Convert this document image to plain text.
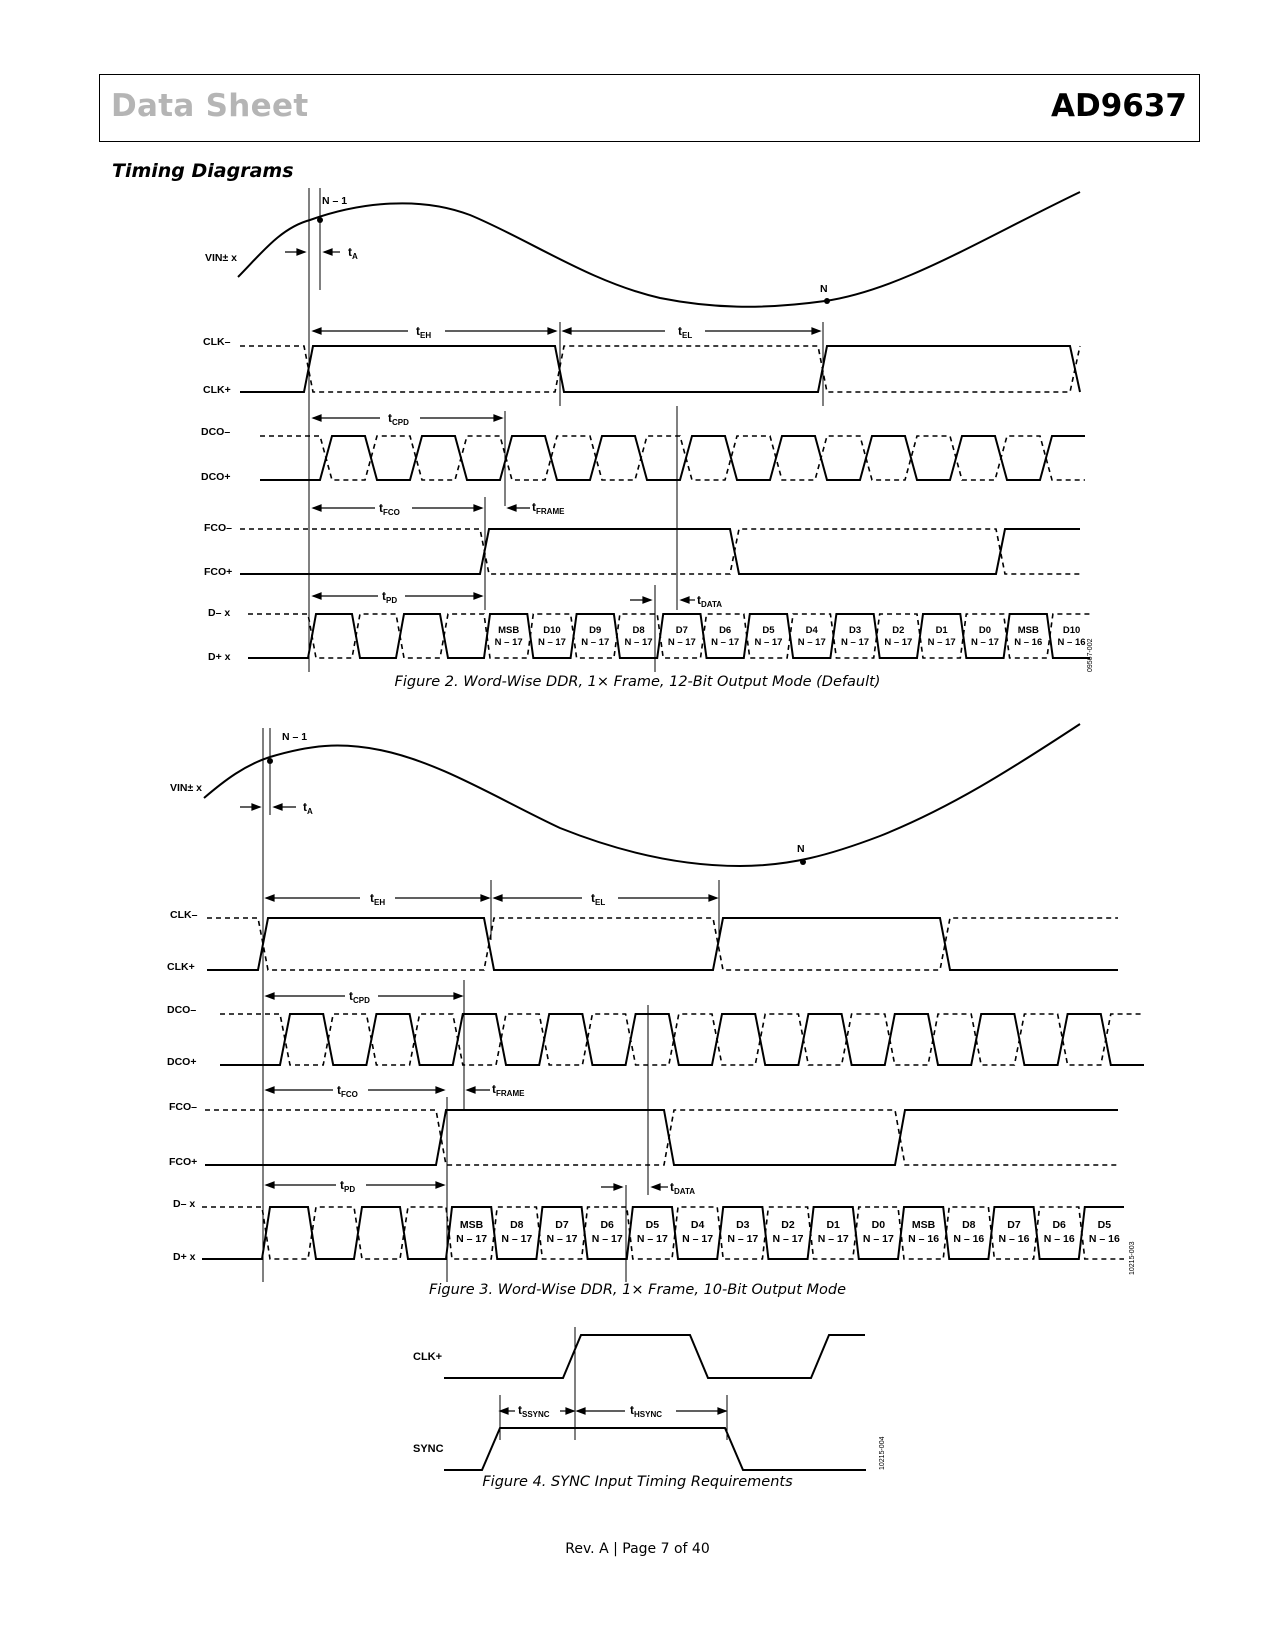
Data Sheet	AD9637
Timing Diagrams
VIN± x
CLK–
CLK+
DCO–
DCO+
FCO–
FCO+
D– x
D+ x
N – 1
N
$t_A$
$t_{EH}$	$t_{EL}$
$t_{CPD}$
$t_{FCO}$	$t_{FRAME}$
$t_{PD}$	$t_{DATA}$
MSB
N – 17
D10
N – 17
D9
N – 17
D8
N – 17
D7
N – 17
D6
N – 17
D5
N – 17
D4
N – 17
D3
N – 17
D2
N – 17
D1
N – 17
D0
N – 17
MSB
N – 16
D10
N – 16 09567-002
VIN± x
CLK–
CLK+
DCO–
DCO+
FCO–
FCO+
D– x
D+ x
N – 1
N
$t_A$
$t_{EH}$	$t_{EL}$
$t_{CPD}$
$t_{FCO}$	$t_{FRAME}$
$t_{PD}$	$t_{DATA}$
MSB
N – 17
D8
N – 17
D7
N – 17
D6
N – 17
D5
N – 17
D4
N – 17
D3
N – 17
D2
N – 17
D1
N – 17
D0
N – 17
MSB
N – 16
D8
N – 16
D7
N – 16
D6
N – 16
D5
N – 16
10215-003
CLK+
SYNC
$t_{SSYNC}$	$t_{HSYNC}$
10215-004
Figure 2. Word-Wise DDR, 1× Frame, 12-Bit Output Mode (Default)
Figure 3. Word-Wise DDR, 1× Frame, 10-Bit Output Mode
Figure 4. SYNC Input Timing Requirements
Rev. A | Page 7 of 40
